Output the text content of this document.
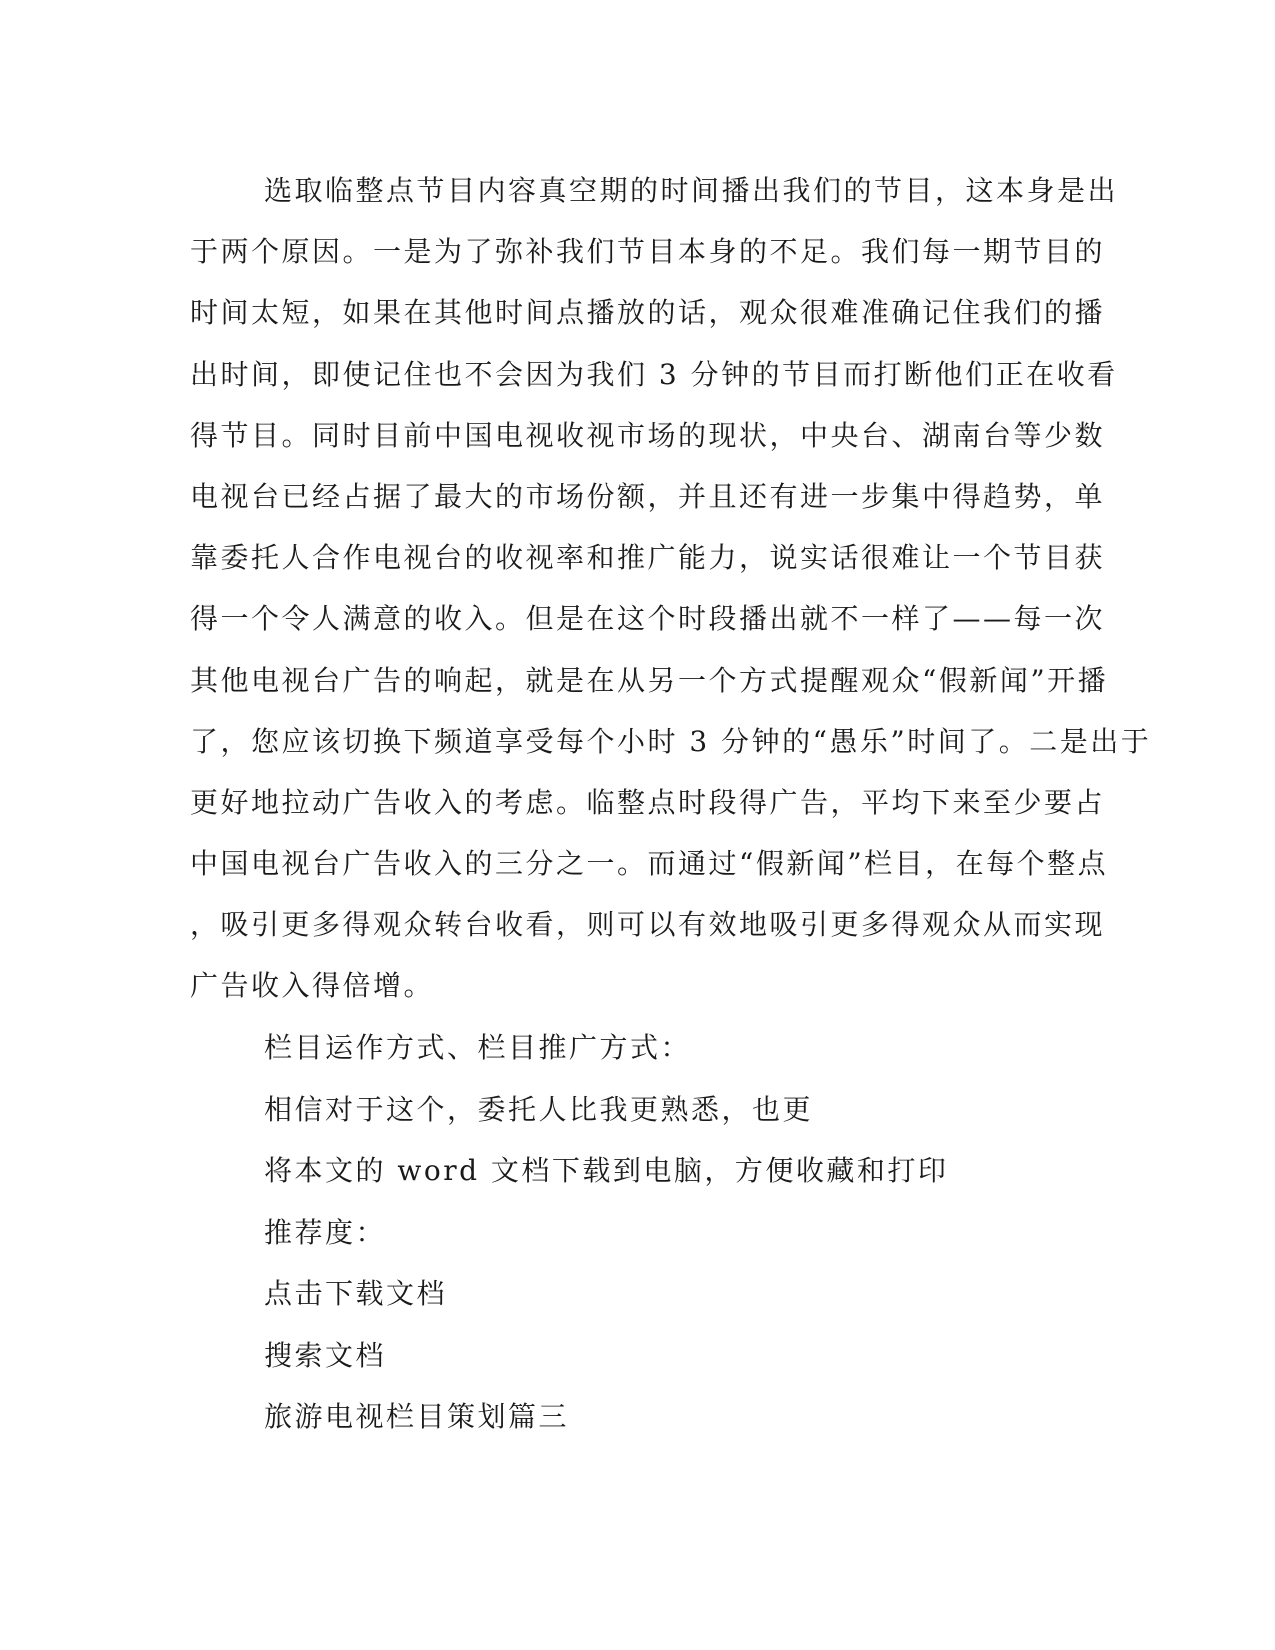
选取临整点节目内容真空期的时间播出我们的节目，这本身是出
于两个原因。一是为了弥补我们节目本身的不足。我们每一期节目的
时间太短，如果在其他时间点播放的话，观众很难准确记住我们的播
出时间，即使记住也不会因为我们 3 分钟的节目而打断他们正在收看
得节目。同时目前中国电视收视市场的现状，中央台、湖南台等少数
电视台已经占据了最大的市场份额，并且还有进一步集中得趋势，单
靠委托人合作电视台的收视率和推广能力，说实话很难让一个节目获
得一个令人满意的收入。但是在这个时段播出就不一样了——每一次
其他电视台广告的响起，就是在从另一个方式提醒观众“假新闻”开播
了，您应该切换下频道享受每个小时 3 分钟的“愚乐”时间了。二是出于
更好地拉动广告收入的考虑。临整点时段得广告，平均下来至少要占
中国电视台广告收入的三分之一。而通过“假新闻”栏目，在每个整点
，吸引更多得观众转台收看，则可以有效地吸引更多得观众从而实现
广告收入得倍增。
栏目运作方式、栏目推广方式：
相信对于这个，委托人比我更熟悉，也更
将本文的 word 文档下载到电脑，方便收藏和打印
推荐度：
点击下载文档
搜索文档
旅游电视栏目策划篇三
